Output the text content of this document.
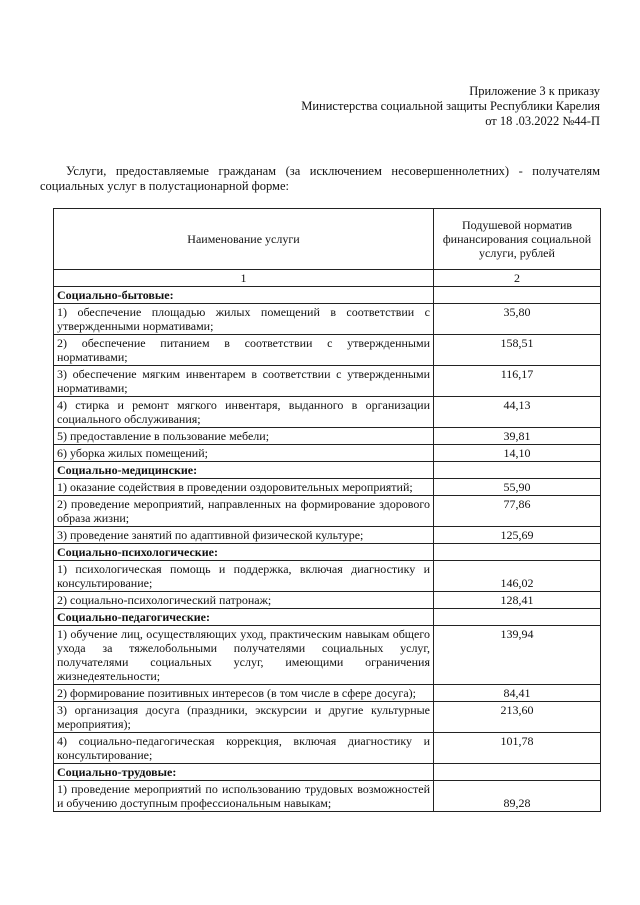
Приложение 3 к приказу
Министерства социальной защиты Республики Карелия
от 18 .03.2022 №44-П
Услуги, предоставляемые гражданам (за исключением несовершеннолетних) - получателям социальных услуг в полустационарной форме:
Наименование услуги	Подушевой норматив финансирования социальной услуги, рублей
1	2
Социально-бытовые:	
1) обеспечение площадью жилых помещений в соответствии с утвержденными нормативами;	35,80
2) обеспечение питанием в соответствии с утвержденными нормативами;	158,51
3) обеспечение мягким инвентарем в соответствии с утвержденными нормативами;	116,17
4) стирка и ремонт мягкого инвентаря, выданного в организации социального обслуживания;	44,13
5) предоставление в пользование мебели;	39,81
6) уборка жилых помещений;	14,10
Социально-медицинские:	
1) оказание содействия в проведении оздоровительных мероприятий;	55,90
2) проведение мероприятий, направленных на формирование здорового образа жизни;	77,86
3) проведение занятий по адаптивной физической культуре;	125,69
Социально-психологические:	
1) психологическая помощь и поддержка, включая диагностику и консультирование;	146,02
2) социально-психологический патронаж;	128,41
Социально-педагогические:	
1) обучение лиц, осуществляющих уход, практическим навыкам общего ухода за тяжелобольными получателями социальных услуг, получателями социальных услуг, имеющими ограничения жизнедеятельности;	139,94
2) формирование позитивных интересов (в том числе в сфере досуга);	84,41
3) организация досуга (праздники, экскурсии и другие культурные мероприятия);	213,60
4) социально-педагогическая коррекция, включая диагностику и консультирование;	101,78
Социально-трудовые:	
1) проведение мероприятий по использованию трудовых возможностей и обучению доступным профессиональным навыкам;	89,28
